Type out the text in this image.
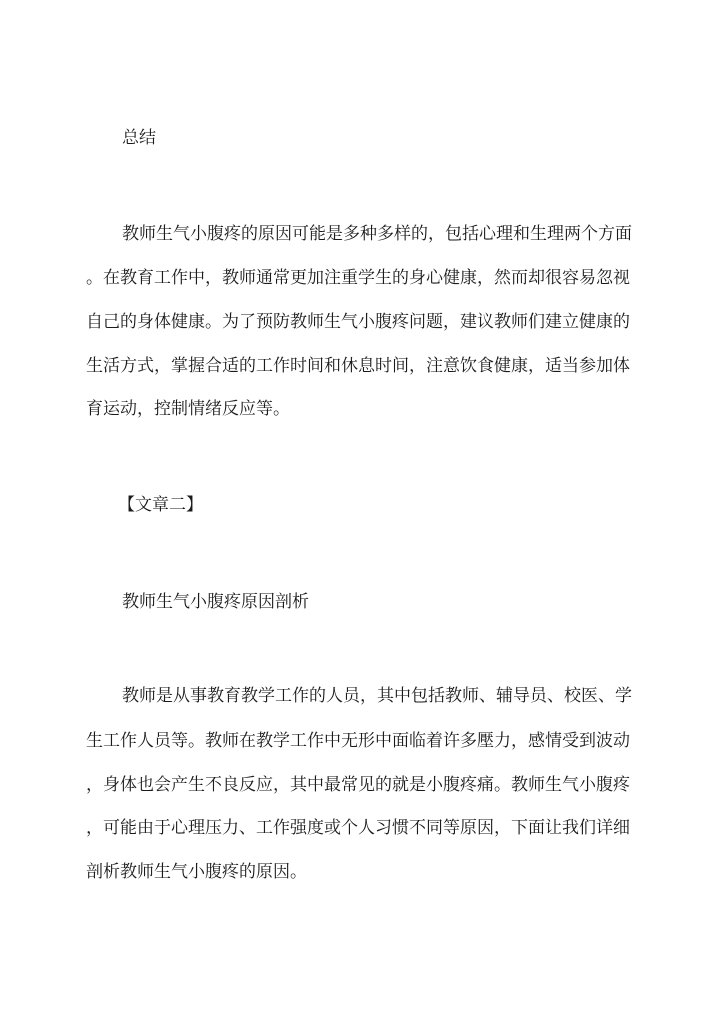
总结
教师生气小腹疼的原因可能是多种多样的，包括心理和生理两个方面
。在教育工作中，教师通常更加注重学生的身心健康，然而却很容易忽视
自己的身体健康。为了预防教师生气小腹疼问题，建议教师们建立健康的
生活方式，掌握合适的工作时间和休息时间，注意饮食健康，适当参加体
育运动，控制情绪反应等。
【文章二】
教师生气小腹疼原因剖析
教师是从事教育教学工作的人员，其中包括教师、辅导员、校医、学
生工作人员等。教师在教学工作中无形中面临着许多壓力，感情受到波动
，身体也会产生不良反应，其中最常见的就是小腹疼痛。教师生气小腹疼
，可能由于心理压力、工作强度或个人习惯不同等原因，下面让我们详细
剖析教师生气小腹疼的原因。
